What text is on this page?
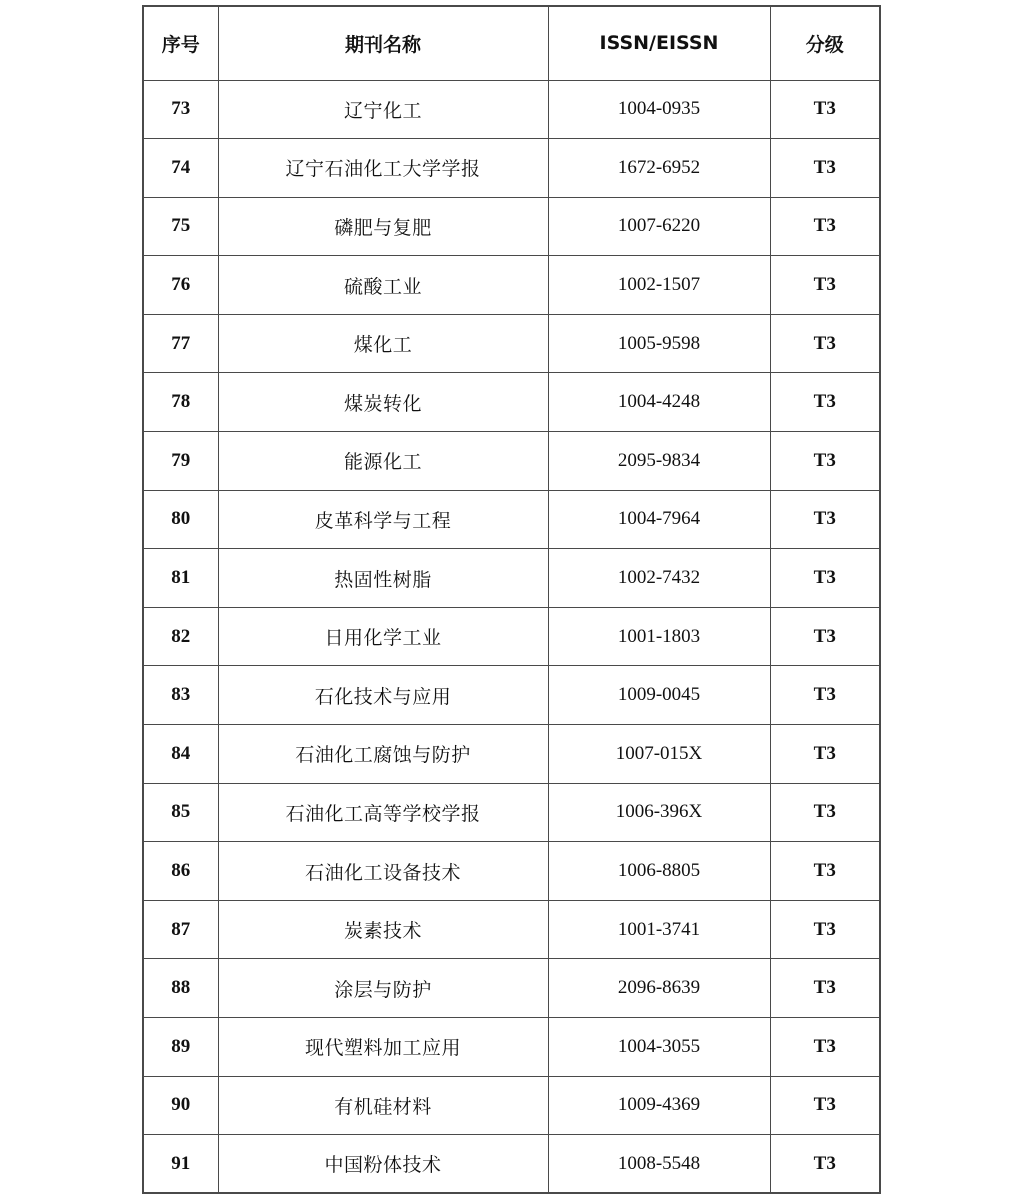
序号	期刊名称	ISSN/EISSN	分级
73	辽宁化工	1004-0935	T3
74	辽宁石油化工大学学报	1672-6952	T3
75	磷肥与复肥	1007-6220	T3
76	硫酸工业	1002-1507	T3
77	煤化工	1005-9598	T3
78	煤炭转化	1004-4248	T3
79	能源化工	2095-9834	T3
80	皮革科学与工程	1004-7964	T3
81	热固性树脂	1002-7432	T3
82	日用化学工业	1001-1803	T3
83	石化技术与应用	1009-0045	T3
84	石油化工腐蚀与防护	1007-015X	T3
85	石油化工高等学校学报	1006-396X	T3
86	石油化工设备技术	1006-8805	T3
87	炭素技术	1001-3741	T3
88	涂层与防护	2096-8639	T3
89	现代塑料加工应用	1004-3055	T3
90	有机硅材料	1009-4369	T3
91	中国粉体技术	1008-5548	T3
